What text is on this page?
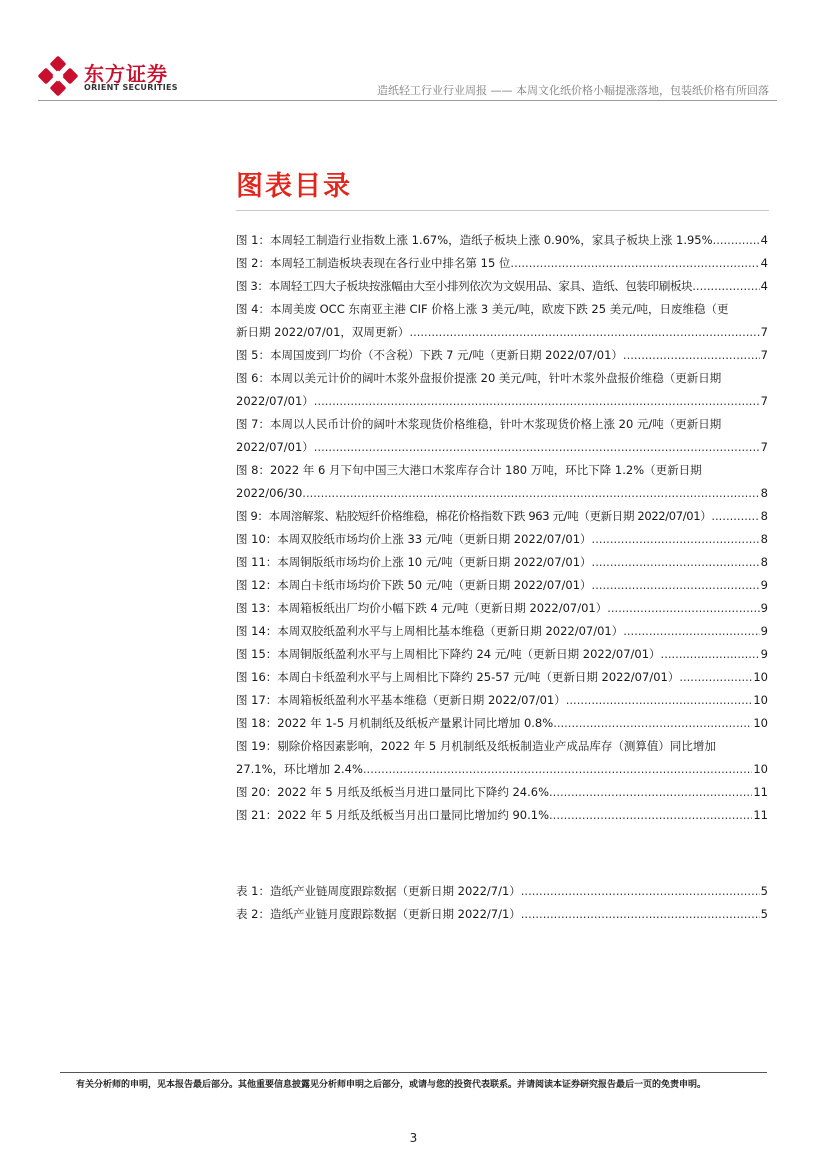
东方证券
ORIENT SECURITIES	造纸轻工行业行业周报 —— 本周文化纸价格小幅提涨落地，包装纸价格有所回落
图表目录
图 1：本周轻工制造行业指数上涨 1.67%，造纸子板块上涨 0.90%，家具子板块上涨 1.95% .....	4
图 2：本周轻工制造板块表现在各行业中排名第 15 位 .....	4
图 3：本周轻工四大子板块按涨幅由大至小排列依次为文娱用品、家具、造纸、包装印刷板块 .....	4
图 4：本周美废 OCC 东南亚主港 CIF 价格上涨 3 美元/吨，欧废下跌 25 美元/吨，日废维稳（更
新日期 2022/07/01，双周更新） .....	7
图 5：本周国废到厂均价（不含税）下跌 7 元/吨（更新日期 2022/07/01） .....	7
图 6：本周以美元计价的阔叶木浆外盘报价提涨 20 美元/吨，针叶木浆外盘报价维稳（更新日期
2022/07/01） .....	7
图 7：本周以人民币计价的阔叶木浆现货价格维稳，针叶木浆现货价格上涨 20 元/吨（更新日期
2022/07/01） .....	7
图 8：2022 年 6 月下旬中国三大港口木浆库存合计 180 万吨，环比下降 1.2%（更新日期
2022/06/30 .....	8
图 9：本周溶解浆、粘胶短纤价格维稳，棉花价格指数下跌 963 元/吨（更新日期 2022/07/01） .....	8
图 10：本周双胶纸市场均价上涨 33 元/吨（更新日期 2022/07/01） .....	8
图 11：本周铜版纸市场均价上涨 10 元/吨（更新日期 2022/07/01） .....	8
图 12：本周白卡纸市场均价下跌 50 元/吨（更新日期 2022/07/01） .....	9
图 13：本周箱板纸出厂均价小幅下跌 4 元/吨（更新日期 2022/07/01） .....	9
图 14：本周双胶纸盈利水平与上周相比基本维稳（更新日期 2022/07/01） .....	9
图 15：本周铜版纸盈利水平与上周相比下降约 24 元/吨（更新日期 2022/07/01） .....	9
图 16：本周白卡纸盈利水平与上周相比下降约 25-57 元/吨（更新日期 2022/07/01） .....	10
图 17：本周箱板纸盈利水平基本维稳（更新日期 2022/07/01） .....	10
图 18：2022 年 1-5 月机制纸及纸板产量累计同比增加 0.8% .....	10
图 19：剔除价格因素影响，2022 年 5 月机制纸及纸板制造业产成品库存（测算值）同比增加
27.1%，环比增加 2.4% .....	10
图 20：2022 年 5 月纸及纸板当月进口量同比下降约 24.6% .....	11
图 21：2022 年 5 月纸及纸板当月出口量同比增加约 90.1% .....	11
表 1：造纸产业链周度跟踪数据（更新日期 2022/7/1） .....	5
表 2：造纸产业链月度跟踪数据（更新日期 2022/7/1） .....	5
有关分析师的申明，见本报告最后部分。其他重要信息披露见分析师申明之后部分，或请与您的投资代表联系。并请阅读本证券研究报告最后一页的免责申明。
3
